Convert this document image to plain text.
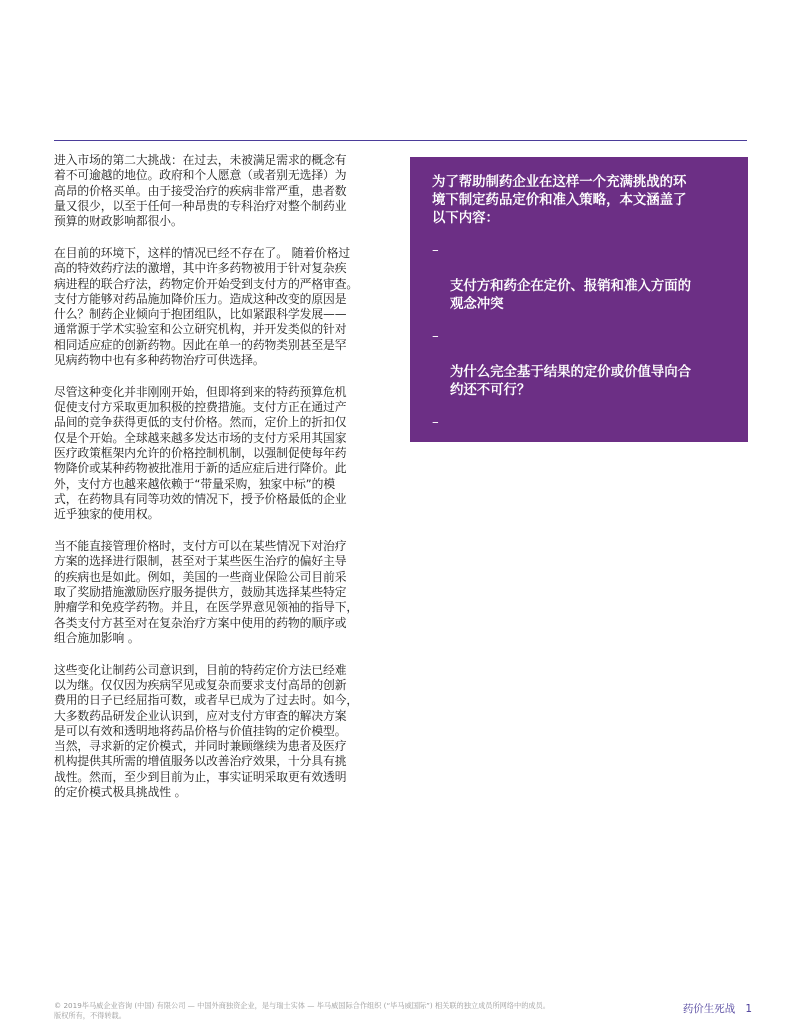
进入市场的第二大挑战：在过去，未被满足需求的概念有
着不可逾越的地位。政府和个人愿意（或者别无选择）为
高昂的价格买单。由于接受治疗的疾病非常严重，患者数
量又很少，以至于任何一种昂贵的专科治疗对整个制药业
预算的财政影响都很小。

在目前的环境下，这样的情况已经不存在了。 随着价格过
高的特效药疗法的激增，其中许多药物被用于针对复杂疾
病进程的联合疗法，药物定价开始受到支付方的严格审查。
支付方能够对药品施加降价压力。造成这种改变的原因是
什么？制药企业倾向于抱团组队，比如紧跟科学发展——
通常源于学术实验室和公立研究机构，并开发类似的针对
相同适应症的创新药物。因此在单一的药物类别甚至是罕
见病药物中也有多种药物治疗可供选择。

尽管这种变化并非刚刚开始，但即将到来的特药预算危机
促使支付方采取更加积极的控费措施。支付方正在通过产
品间的竞争获得更低的支付价格。然而，定价上的折扣仅
仅是个开始。全球越来越多发达市场的支付方采用其国家
医疗政策框架内允许的价格控制机制，以强制促使每年药
物降价或某种药物被批准用于新的适应症后进行降价。此
外，支付方也越来越依赖于“带量采购，独家中标”的模
式，在药物具有同等功效的情况下，授予价格最低的企业
近乎独家的使用权。

当不能直接管理价格时，支付方可以在某些情况下对治疗
方案的选择进行限制，甚至对于某些医生治疗的偏好主导
的疾病也是如此。例如，美国的一些商业保险公司目前采
取了奖励措施激励医疗服务提供方，鼓励其选择某些特定
肿瘤学和免疫学药物。并且，在医学界意见领袖的指导下，
各类支付方甚至对在复杂治疗方案中使用的药物的顺序或
组合施加影响 。

这些变化让制药公司意识到，目前的特药定价方法已经难
以为继。仅仅因为疾病罕见或复杂而要求支付高昂的创新
费用的日子已经屈指可数，或者早已成为了过去时。如今，
大多数药品研发企业认识到，应对支付方审查的解决方案
是可以有效和透明地将药品价格与价值挂钩的定价模型。
当然，寻求新的定价模式，并同时兼顾继续为患者及医疗
机构提供其所需的增值服务以改善治疗效果，十分具有挑
战性。然而，至少到目前为止，事实证明采取更有效透明
的定价模式极具挑战性 。

为了帮助制药企业在这样一个充满挑战的环
境下制定药品定价和准入策略，本文涵盖了
以下内容：

–

支付方和药企在定价、报销和准入方面的
观念冲突

–

为什么完全基于结果的定价或价值导向合
约还不可行？

–

深入研究制药企业目前可用的过渡阶段的
定价模式

–

在向更公平和透明的定价模式的演进过程
中，对企业应该采取的首要措施的指导

© 2019毕马威企业咨询 (中国) 有限公司 — 中国外商独资企业，是与瑞士实体 — 毕马威国际合作组织 (“毕马威国际”) 相关联的独立成员所网络中的成员。
版权所有，不得转载。
药价生死战 1
